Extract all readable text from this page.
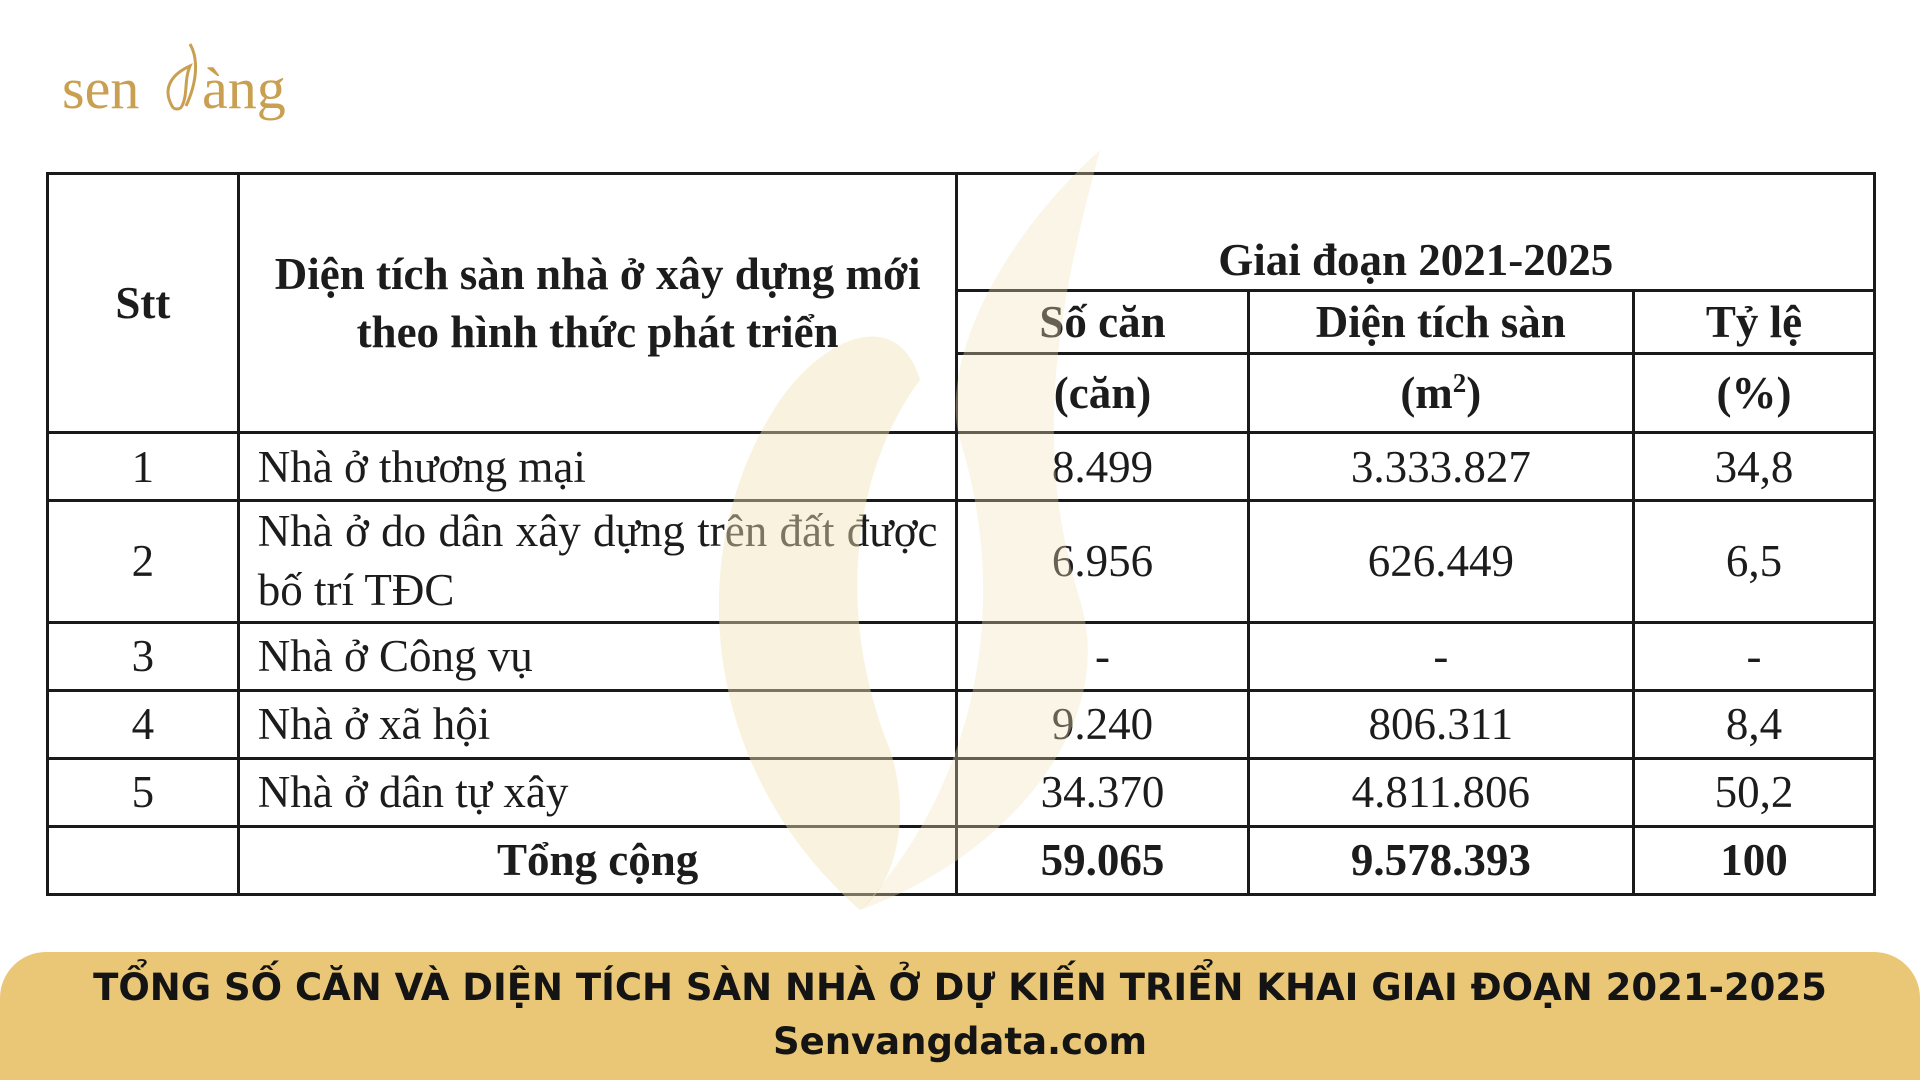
sen àng
Stt	Diện tích sàn nhà ở xây dựng mới theo hình thức phát triển	Giai đoạn 2021-2025		
		Số căn	Diện tích sàn	Tỷ lệ
		(căn)	$(m^2)$	(%)
1	Nhà ở thương mại	8.499	3.333.827	34,8
2	Nhà ở do dân xây dựng trên đất được bố trí TĐC	6.956	626.449	6,5
3	Nhà ở Công vụ	-	-	-
4	Nhà ở xã hội	9.240	806.311	8,4
5	Nhà ở dân tự xây	34.370	4.811.806	50,2
	Tổng cộng	59.065	9.578.393	100
TỔNG SỐ CĂN VÀ DIỆN TÍCH SÀN NHÀ Ở DỰ KIẾN TRIỂN KHAI GIAI ĐOẠN 2021-2025
Senvangdata.com
